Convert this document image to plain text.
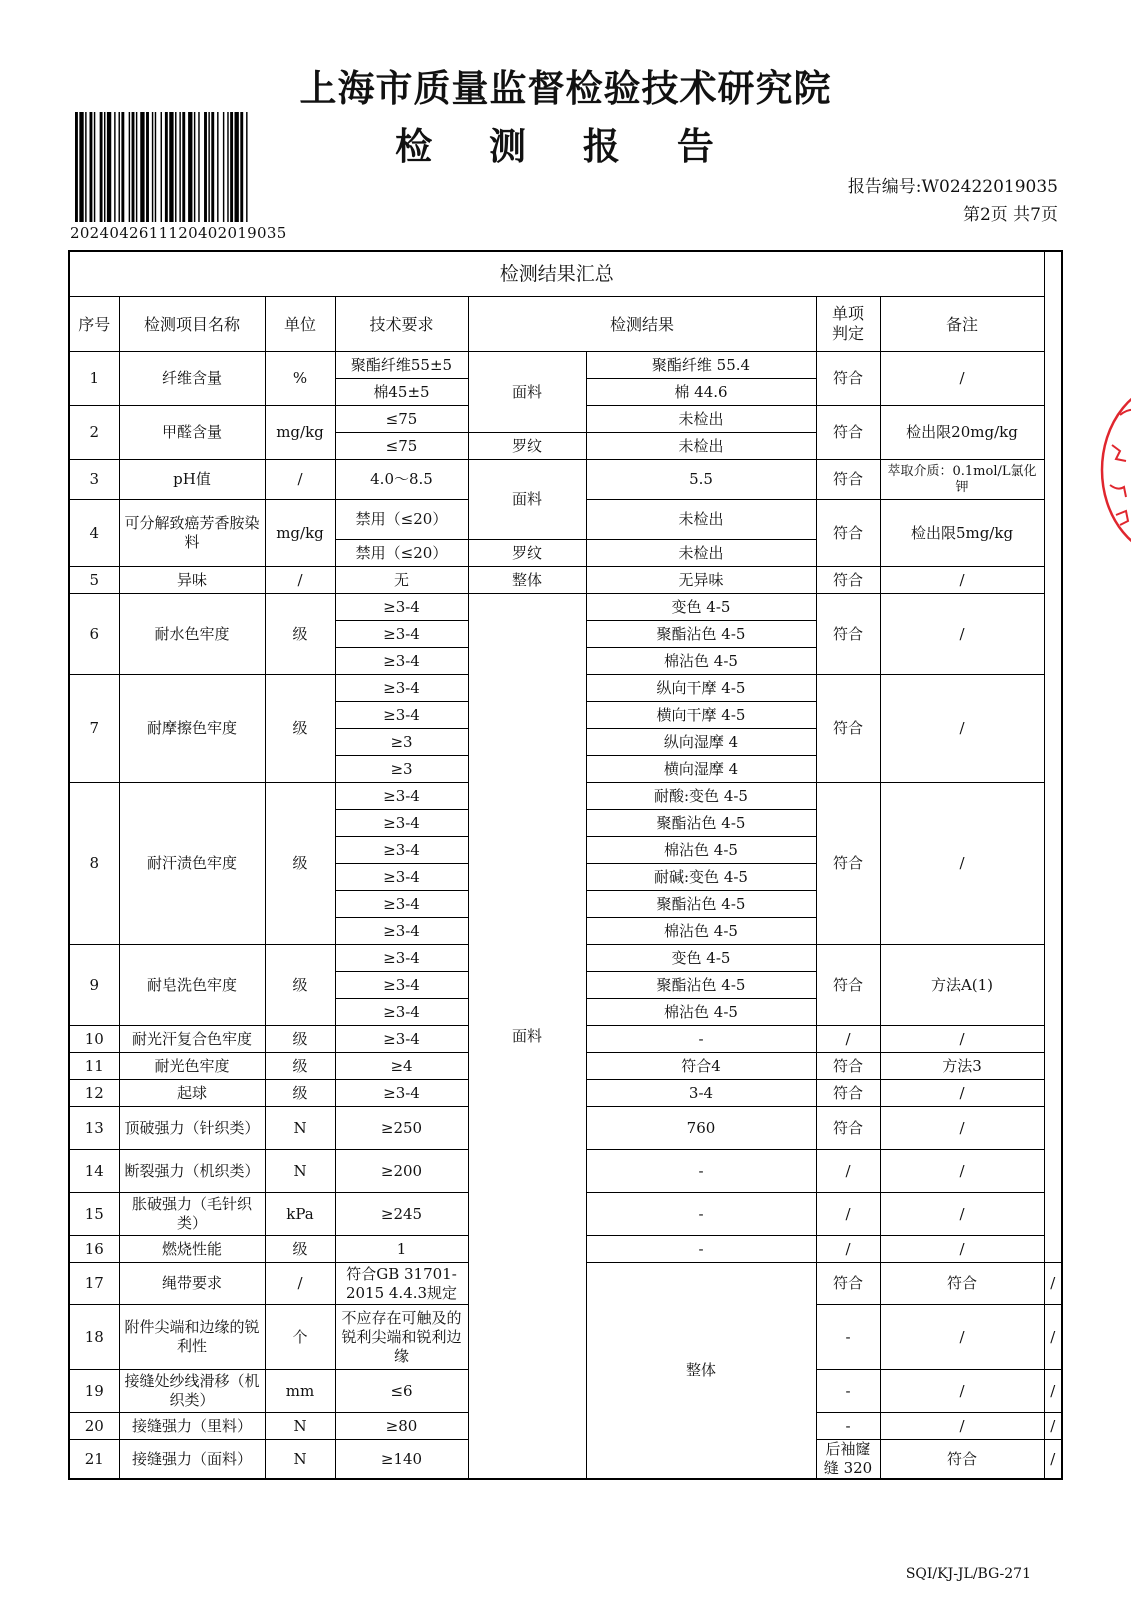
上海市质量监督检验技术研究院
检 测 报 告
20240426111204020190​35
报告编号:W02422019035
第2页 共7页
检测结果汇总								
序号	检测项目名称	单位	技术要求	检测结果		单项判定	备注	
1	纤维含量	%	聚酯纤维55±5	面料	聚酯纤维 55.4	符合	/	
			棉45±5		棉 44.6			
2	甲醛含量	mg/kg	≤75		未检出	符合	检出限20mg/kg	
			≤75	罗纹	未检出			
3	pH值	/	4.0～8.5	面料	5.5	符合	萃取介质：0.1mol/L氯化钾	
4	可分解致癌芳香胺染料	mg/kg	禁用（≤20）		未检出	符合	检出限5mg/kg	
			禁用（≤20）	罗纹	未检出			
5	异味	/	无	整体	无异味	符合	/	
6	耐水色牢度	级	≥3-4	面料	变色 4-5	符合	/	
			≥3-4		聚酯沾色 4-5			
			≥3-4		棉沾色 4-5			
7	耐摩擦色牢度	级	≥3-4		纵向干摩 4-5	符合	/	
			≥3-4		横向干摩 4-5			
			≥3		纵向湿摩 4			
			≥3		横向湿摩 4			
8	耐汗渍色牢度	级	≥3-4		耐酸:变色 4-5	符合	/	
			≥3-4		聚酯沾色 4-5			
			≥3-4		棉沾色 4-5			
			≥3-4		耐碱:变色 4-5			
			≥3-4		聚酯沾色 4-5			
			≥3-4		棉沾色 4-5			
9	耐皂洗色牢度	级	≥3-4		变色 4-5	符合	方法A(1)	
			≥3-4		聚酯沾色 4-5			
			≥3-4		棉沾色 4-5			
10	耐光汗复合色牢度	级	≥3-4		-	/	/	
11	耐光色牢度	级	≥4		符合4	符合	方法3	
12	起球	级	≥3-4		3-4	符合	/	
13	顶破强力（针织类）	N	≥250		760	符合	/	
14	断裂强力（机织类）	N	≥200		-	/	/	
15	胀破强力（毛针织类）	kPa	≥245		-	/	/	
16	燃烧性能	级	1		-	/	/	
17	绳带要求	/	符合GB 31701-2015 4.4.3规定		整体	符合	符合	/
18	附件尖端和边缘的锐利性	个	不应存在可触及的锐利尖端和锐利边缘			-	/	/
19	接缝处纱线滑移（机织类）	mm	≤6			-	/	/
20	接缝强力（里料）	N	≥80			-	/	/
21	接缝强力（面料）	N	≥140			后袖窿缝 320	符合	/
SQI/KJ-JL/BG-271
